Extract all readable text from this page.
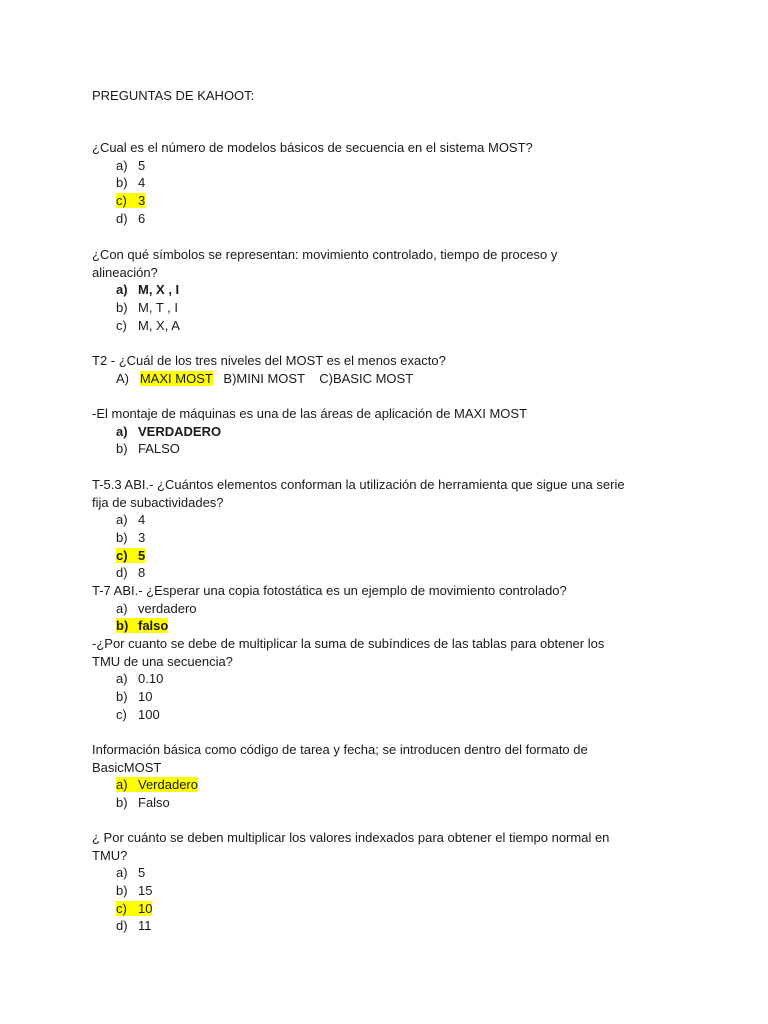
PREGUNTAS DE KAHOOT:

¿Cual es el número de modelos básicos de secuencia en el sistema MOST?

a) 5
b) 4
c) 3
d) 6

¿Con qué símbolos se representan: movimiento controlado, tiempo de proceso y

alineación?

a) M, X , I
b) M, T , I
c) M, X, A

T2 - ¿Cuál de los tres niveles del MOST es el menos exacto?

A) MAXI MOST B)MINI MOST C)BASIC MOST

-El montaje de máquinas es una de las áreas de aplicación de MAXI MOST

a) VERDADERO
b) FALSO

T-5.3 ABI.- ¿Cuántos elementos conforman la utilización de herramienta que sigue una serie

fija de subactividades?

a) 4
b) 3
c) 5
d) 8

T-7 ABI.- ¿Esperar una copia fotostática es un ejemplo de movimiento controlado?

a) verdadero
b) falso

-¿Por cuanto se debe de multiplicar la suma de subíndices de las tablas para obtener los

TMU de una secuencia?

a) 0.10
b) 10
c) 100

Información básica como código de tarea y fecha; se introducen dentro del formato de

BasicMOST

a) Verdadero
b) Falso

¿ Por cuánto se deben multiplicar los valores indexados para obtener el tiempo normal en

TMU?

a) 5
b) 15
c) 10
d) 11
